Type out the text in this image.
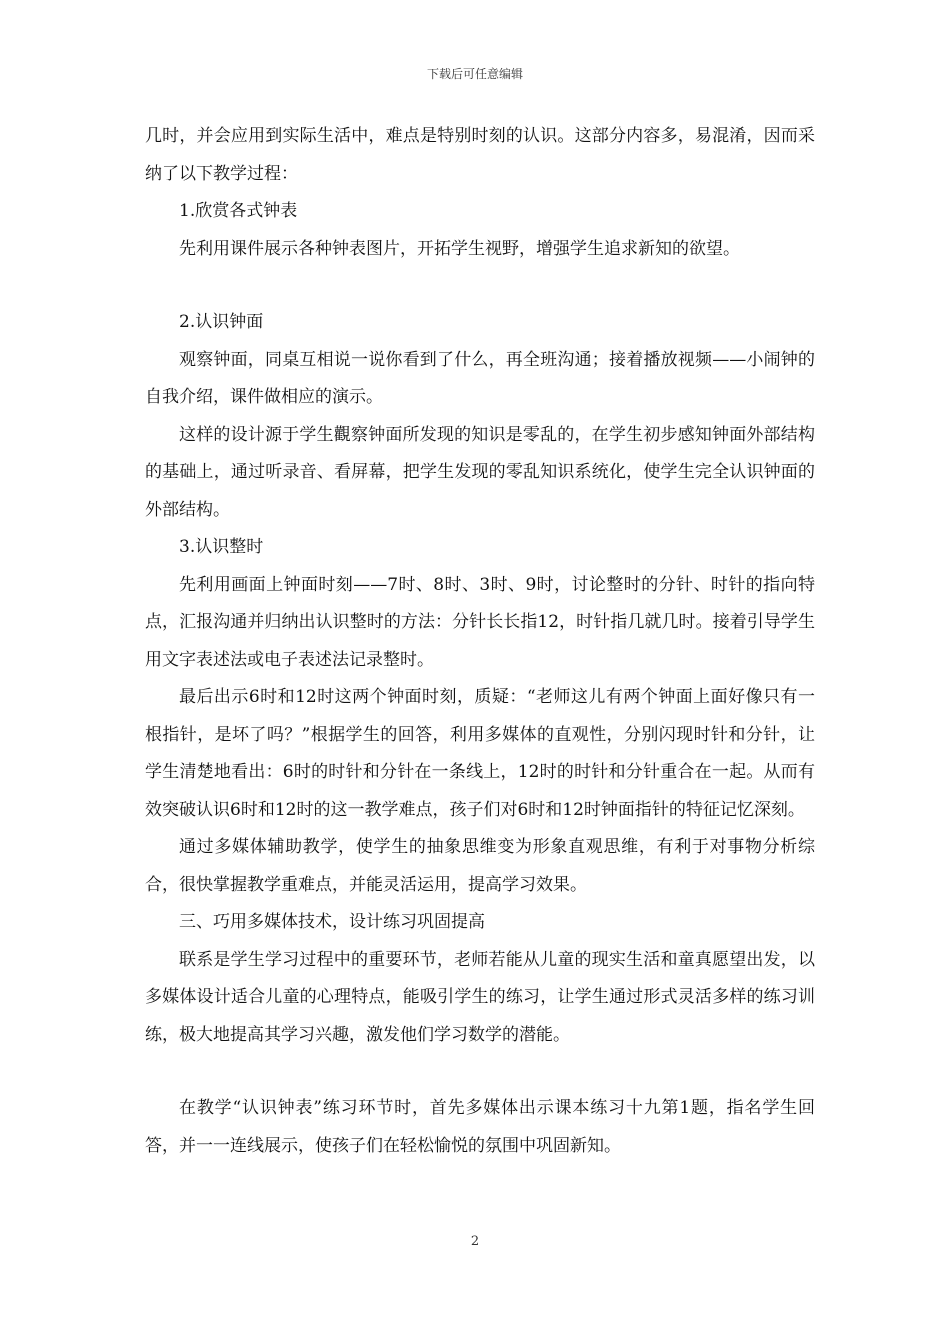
下载后可任意编辑

几时，并会应用到实际生活中，难点是特别时刻的认识。这部分内容多，易混淆，因而采纳了以下教学过程：

1.欣赏各式钟表

先利用课件展示各种钟表图片，开拓学生视野，增强学生追求新知的欲望。

2.认识钟面

观察钟面，同桌互相说一说你看到了什么，再全班沟通；接着播放视频——小闹钟的自我介绍，课件做相应的演示。

这样的设计源于学生觀察钟面所发现的知识是零乱的，在学生初步感知钟面外部结构的基础上，通过听录音、看屏幕，把学生发现的零乱知识系统化，使学生完全认识钟面的外部结构。

3.认识整时

先利用画面上钟面时刻——7时、8时、3时、9时，讨论整时的分针、时针的指向特点，汇报沟通并归纳出认识整时的方法：分针长长指12，时针指几就几时。接着引导学生用文字表述法或电子表述法记录整时。

最后出示6时和12时这两个钟面时刻，质疑：“老师这儿有两个钟面上面好像只有一根指针，是坏了吗？”根据学生的回答，利用多媒体的直观性，分别闪现时针和分针，让学生清楚地看出：6时的时针和分针在一条线上，12时的时针和分针重合在一起。从而有效突破认识6时和12时的这一教学难点，孩子们对6时和12时钟面指针的特征记忆深刻。

通过多媒体辅助教学，使学生的抽象思维变为形象直观思维，有利于对事物分析综合，很快掌握教学重难点，并能灵活运用，提高学习效果。

三、巧用多媒体技术，设计练习巩固提高

联系是学生学习过程中的重要环节，老师若能从儿童的现实生活和童真愿望出发，以多媒体设计适合儿童的心理特点，能吸引学生的练习，让学生通过形式灵活多样的练习训练，极大地提高其学习兴趣，激发他们学习数学的潜能。

在教学“认识钟表”练习环节时，首先多媒体出示课本练习十九第1题，指名学生回答，并一一连线展示，使孩子们在轻松愉悦的氛围中巩固新知。

2
